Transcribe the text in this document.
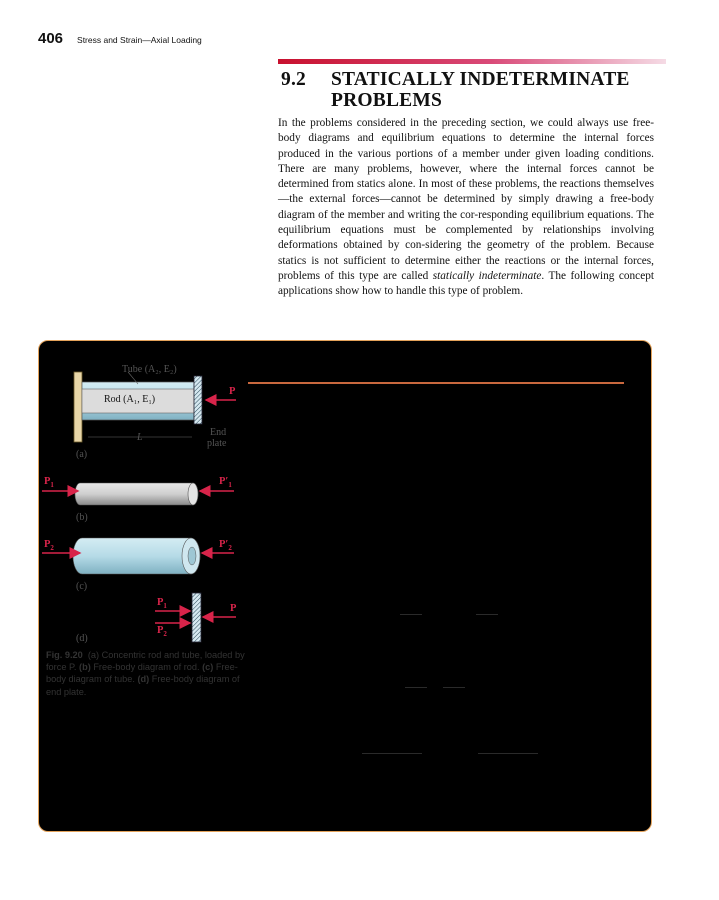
406 Stress and Strain—Axial Loading
9.2 STATICALLY INDETERMINATE
PROBLEMS
In the problems considered in the preceding section, we could always use free-body diagrams and equilibrium equations to determine the internal forces produced in the various portions of a member under given loading conditions. There are many problems, however, where the internal forces cannot be determined from statics alone. In most of these problems, the reactions themselves—the external forces—cannot be determined by simply drawing a free-body diagram of the member and writing the cor-responding equilibrium equations. The equilibrium equations must be complemented by relationships involving deformations obtained by con-sidering the geometry of the problem. Because statics is not sufficient to determine either the reactions or the internal forces, problems of this type are called statically indeterminate. The following concept applications show how to handle this type of problem.
Tube (A₂, E₂)
Rod (A₁, E₁)
L	End
plate
(a)
(b)
(c)
(d)
P
$P_1$	$P'_1$
$P_2$	$P'_2$
$P_1$
$P_2$
P
Fig. 9.20 (a) Concentric rod and tube, loaded by force P. (b) Free-body diagram of rod. (c) Free-body diagram of tube. (d) Free-body diagram of end plate.
